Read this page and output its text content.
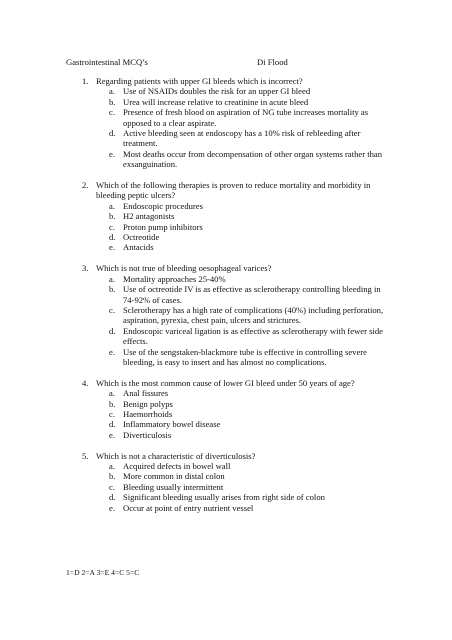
Gastrointestinal MCQ’s	Di Flood
1. Regarding patients with upper GI bleeds which is incorrect?
a. Use of NSAIDs doubles the risk for an upper GI bleed
b. Urea will increase relative to creatinine in acute bleed
c. Presence of fresh blood on aspiration of NG tube increases mortality as opposed to a clear aspirate.
d. Active bleeding seen at endoscopy has a 10% risk of rebleeding after treatment.
e. Most deaths occur from decompensation of other organ systems rather than exsanguination.
2. Which of the following therapies is proven to reduce mortality and morbidity in bleeding peptic ulcers?
a. Endoscopic procedures
b. H2 antagonists
c. Proton pump inhibitors
d. Octreotide
e. Antacids
3. Which is not true of bleeding oesophageal varices?
a. Mortality approaches 25-40%
b. Use of octreotide IV is as effective as sclerotherapy controlling bleeding in 74-92% of cases.
c. Sclerotherapy has a high rate of complications (40%) including perforation, aspiration, pyrexia, chest pain, ulcers and strictures.
d. Endoscopic variceal ligation is as effective as sclerotherapy with fewer side effects.
e. Use of the sengstaken-blackmore tube is effective in controlling severe bleeding, is easy to insert and has almost no complications.
4. Which is the most common cause of lower GI bleed under 50 years of age?
a. Anal fissures
b. Benign polyps
c. Haemorrhoids
d. Inflammatory bowel disease
e. Diverticulosis
5. Which is not a characteristic of diverticulosis?
a. Acquired defects in bowel wall
b. More common in distal colon
c. Bleeding usually intermittent
d. Significant bleeding usually arises from right side of colon
e. Occur at point of entry nutrient vessel
1=D 2=A 3=E 4=C 5=C
